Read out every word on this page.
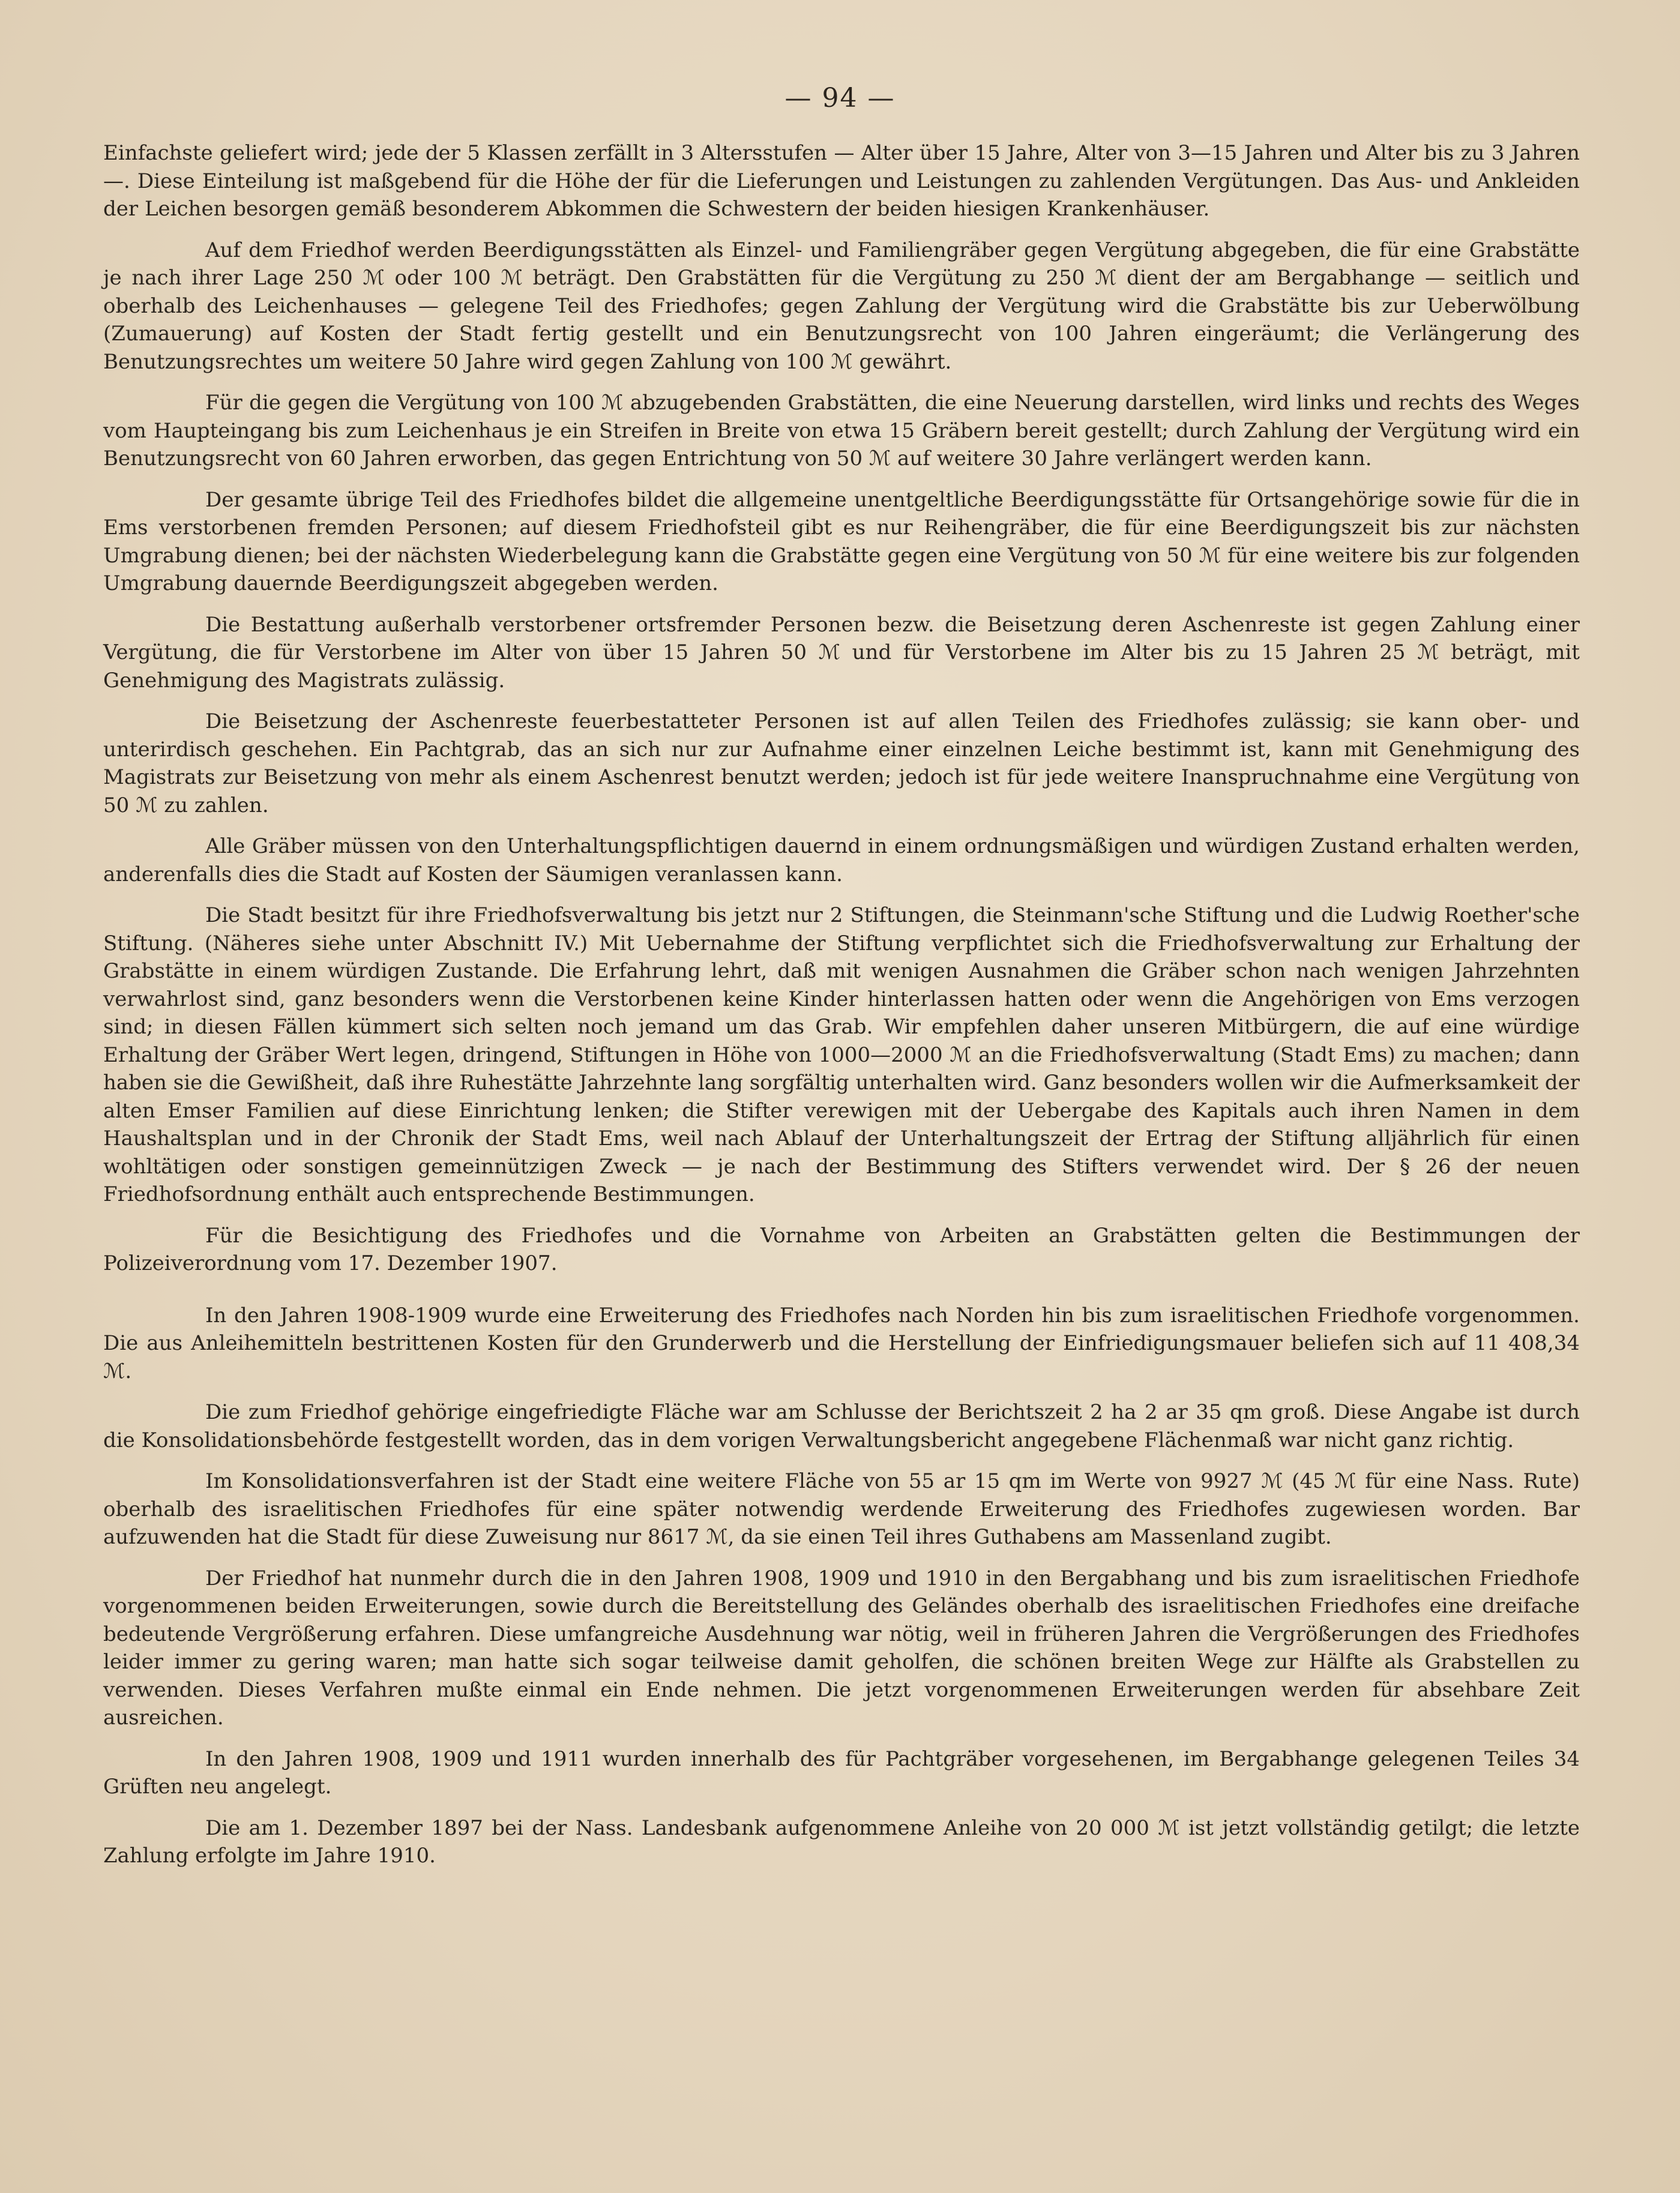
— 94 —

Einfachste geliefert wird; jede der 5 Klassen zerfällt in 3 Altersstufen — Alter über 15 Jahre, Alter von 3—15 Jahren und Alter bis zu 3 Jahren —. Diese Einteilung ist maßgebend für die Höhe der für die Lieferungen und Leistungen zu zahlenden Vergütungen. Das Aus- und Ankleiden der Leichen besorgen gemäß besonderem Abkommen die Schwestern der beiden hiesigen Krankenhäuser.

Auf dem Friedhof werden Beerdigungsstätten als Einzel- und Familiengräber gegen Vergütung abgegeben, die für eine Grabstätte je nach ihrer Lage 250 ℳ oder 100 ℳ beträgt. Den Grabstätten für die Vergütung zu 250 ℳ dient der am Bergabhange — seitlich und oberhalb des Leichenhauses — gelegene Teil des Friedhofes; gegen Zahlung der Vergütung wird die Grabstätte bis zur Ueberwölbung (Zumauerung) auf Kosten der Stadt fertig gestellt und ein Benutzungsrecht von 100 Jahren eingeräumt; die Verlängerung des Benutzungsrechtes um weitere 50 Jahre wird gegen Zahlung von 100 ℳ gewährt.

Für die gegen die Vergütung von 100 ℳ abzugebenden Grabstätten, die eine Neuerung darstellen, wird links und rechts des Weges vom Haupteingang bis zum Leichenhaus je ein Streifen in Breite von etwa 15 Gräbern bereit gestellt; durch Zahlung der Vergütung wird ein Benutzungsrecht von 60 Jahren erworben, das gegen Entrichtung von 50 ℳ auf weitere 30 Jahre verlängert werden kann.

Der gesamte übrige Teil des Friedhofes bildet die allgemeine unentgeltliche Beerdigungsstätte für Ortsangehörige sowie für die in Ems verstorbenen fremden Personen; auf diesem Friedhofsteil gibt es nur Reihengräber, die für eine Beerdigungszeit bis zur nächsten Umgrabung dienen; bei der nächsten Wiederbelegung kann die Grabstätte gegen eine Vergütung von 50 ℳ für eine weitere bis zur folgenden Umgrabung dauernde Beerdigungszeit abgegeben werden.

Die Bestattung außerhalb verstorbener ortsfremder Personen bezw. die Beisetzung deren Aschenreste ist gegen Zahlung einer Vergütung, die für Verstorbene im Alter von über 15 Jahren 50 ℳ und für Verstorbene im Alter bis zu 15 Jahren 25 ℳ beträgt, mit Genehmigung des Magistrats zulässig.

Die Beisetzung der Aschenreste feuerbestatteter Personen ist auf allen Teilen des Friedhofes zulässig; sie kann ober- und unterirdisch geschehen. Ein Pachtgrab, das an sich nur zur Aufnahme einer einzelnen Leiche bestimmt ist, kann mit Genehmigung des Magistrats zur Beisetzung von mehr als einem Aschenrest benutzt werden; jedoch ist für jede weitere Inanspruchnahme eine Vergütung von 50 ℳ zu zahlen.

Alle Gräber müssen von den Unterhaltungspflichtigen dauernd in einem ordnungsmäßigen und würdigen Zustand erhalten werden, anderenfalls dies die Stadt auf Kosten der Säumigen veranlassen kann.

Die Stadt besitzt für ihre Friedhofsverwaltung bis jetzt nur 2 Stiftungen, die Steinmann'sche Stiftung und die Ludwig Roether'sche Stiftung. (Näheres siehe unter Abschnitt IV.) Mit Uebernahme der Stiftung verpflichtet sich die Friedhofsverwaltung zur Erhaltung der Grabstätte in einem würdigen Zustande. Die Erfahrung lehrt, daß mit wenigen Ausnahmen die Gräber schon nach wenigen Jahrzehnten verwahrlost sind, ganz besonders wenn die Verstorbenen keine Kinder hinterlassen hatten oder wenn die Angehörigen von Ems verzogen sind; in diesen Fällen kümmert sich selten noch jemand um das Grab. Wir empfehlen daher unseren Mitbürgern, die auf eine würdige Erhaltung der Gräber Wert legen, dringend, Stiftungen in Höhe von 1000—2000 ℳ an die Friedhofsverwaltung (Stadt Ems) zu machen; dann haben sie die Gewißheit, daß ihre Ruhestätte Jahrzehnte lang sorgfältig unterhalten wird. Ganz besonders wollen wir die Aufmerksamkeit der alten Emser Familien auf diese Einrichtung lenken; die Stifter verewigen mit der Uebergabe des Kapitals auch ihren Namen in dem Haushaltsplan und in der Chronik der Stadt Ems, weil nach Ablauf der Unterhaltungszeit der Ertrag der Stiftung alljährlich für einen wohltätigen oder sonstigen gemeinnützigen Zweck — je nach der Bestimmung des Stifters verwendet wird. Der § 26 der neuen Friedhofsordnung enthält auch entsprechende Bestimmungen.

Für die Besichtigung des Friedhofes und die Vornahme von Arbeiten an Grabstätten gelten die Bestimmungen der Polizeiverordnung vom 17. Dezember 1907.

In den Jahren 1908-1909 wurde eine Erweiterung des Friedhofes nach Norden hin bis zum israelitischen Friedhofe vorgenommen. Die aus Anleihemitteln bestrittenen Kosten für den Grunderwerb und die Herstellung der Einfriedigungsmauer beliefen sich auf 11 408,34 ℳ.

Die zum Friedhof gehörige eingefriedigte Fläche war am Schlusse der Berichtszeit 2 ha 2 ar 35 qm groß. Diese Angabe ist durch die Konsolidationsbehörde festgestellt worden, das in dem vorigen Verwaltungsbericht angegebene Flächenmaß war nicht ganz richtig.

Im Konsolidationsverfahren ist der Stadt eine weitere Fläche von 55 ar 15 qm im Werte von 9927 ℳ (45 ℳ für eine Nass. Rute) oberhalb des israelitischen Friedhofes für eine später notwendig werdende Erweiterung des Friedhofes zugewiesen worden. Bar aufzuwenden hat die Stadt für diese Zuweisung nur 8617 ℳ, da sie einen Teil ihres Guthabens am Massenland zugibt.

Der Friedhof hat nunmehr durch die in den Jahren 1908, 1909 und 1910 in den Bergabhang und bis zum israelitischen Friedhofe vorgenommenen beiden Erweiterungen, sowie durch die Bereitstellung des Geländes oberhalb des israelitischen Friedhofes eine dreifache bedeutende Vergrößerung erfahren. Diese umfangreiche Ausdehnung war nötig, weil in früheren Jahren die Vergrößerungen des Friedhofes leider immer zu gering waren; man hatte sich sogar teilweise damit geholfen, die schönen breiten Wege zur Hälfte als Grabstellen zu verwenden. Dieses Verfahren mußte einmal ein Ende nehmen. Die jetzt vorgenommenen Erweiterungen werden für absehbare Zeit ausreichen.

In den Jahren 1908, 1909 und 1911 wurden innerhalb des für Pachtgräber vorgesehenen, im Bergabhange gelegenen Teiles 34 Grüften neu angelegt.

Die am 1. Dezember 1897 bei der Nass. Landesbank aufgenommene Anleihe von 20 000 ℳ ist jetzt vollständig getilgt; die letzte Zahlung erfolgte im Jahre 1910.
